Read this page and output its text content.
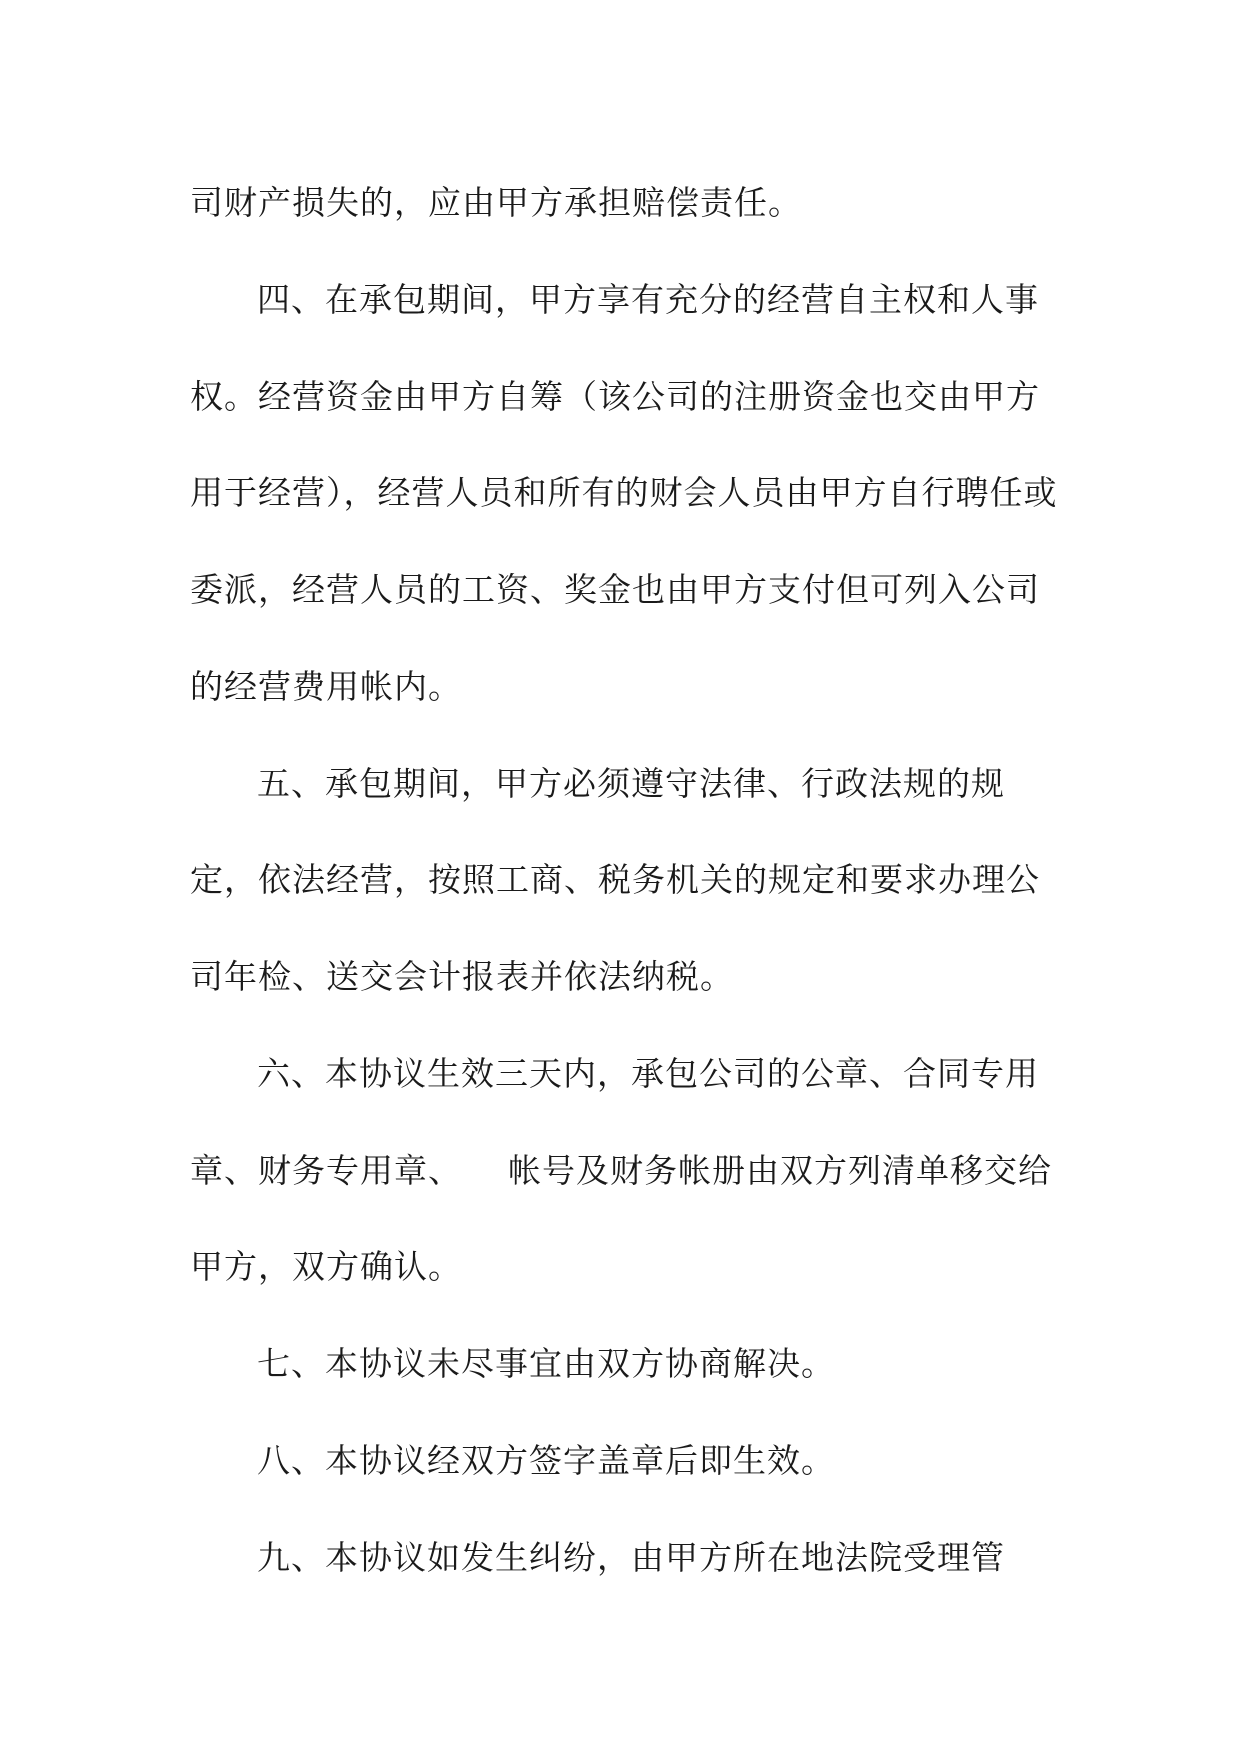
司财产损失的，应由甲方承担赔偿责任。

四、在承包期间，甲方享有充分的经营自主权和人事

权。经营资金由甲方自筹（该公司的注册资金也交由甲方

用于经营），经营人员和所有的财会人员由甲方自行聘任或

委派，经营人员的工资、奖金也由甲方支付但可列入公司

的经营费用帐内。

五、承包期间，甲方必须遵守法律、行政法规的规

定，依法经营，按照工商、税务机关的规定和要求办理公

司年检、送交会计报表并依法纳税。

六、本协议生效三天内，承包公司的公章、合同专用

章、财务专用章、    帐号及财务帐册由双方列清单移交给

甲方，双方确认。

七、本协议未尽事宜由双方协商解决。

八、本协议经双方签字盖章后即生效。

九、本协议如发生纠纷，由甲方所在地法院受理管
